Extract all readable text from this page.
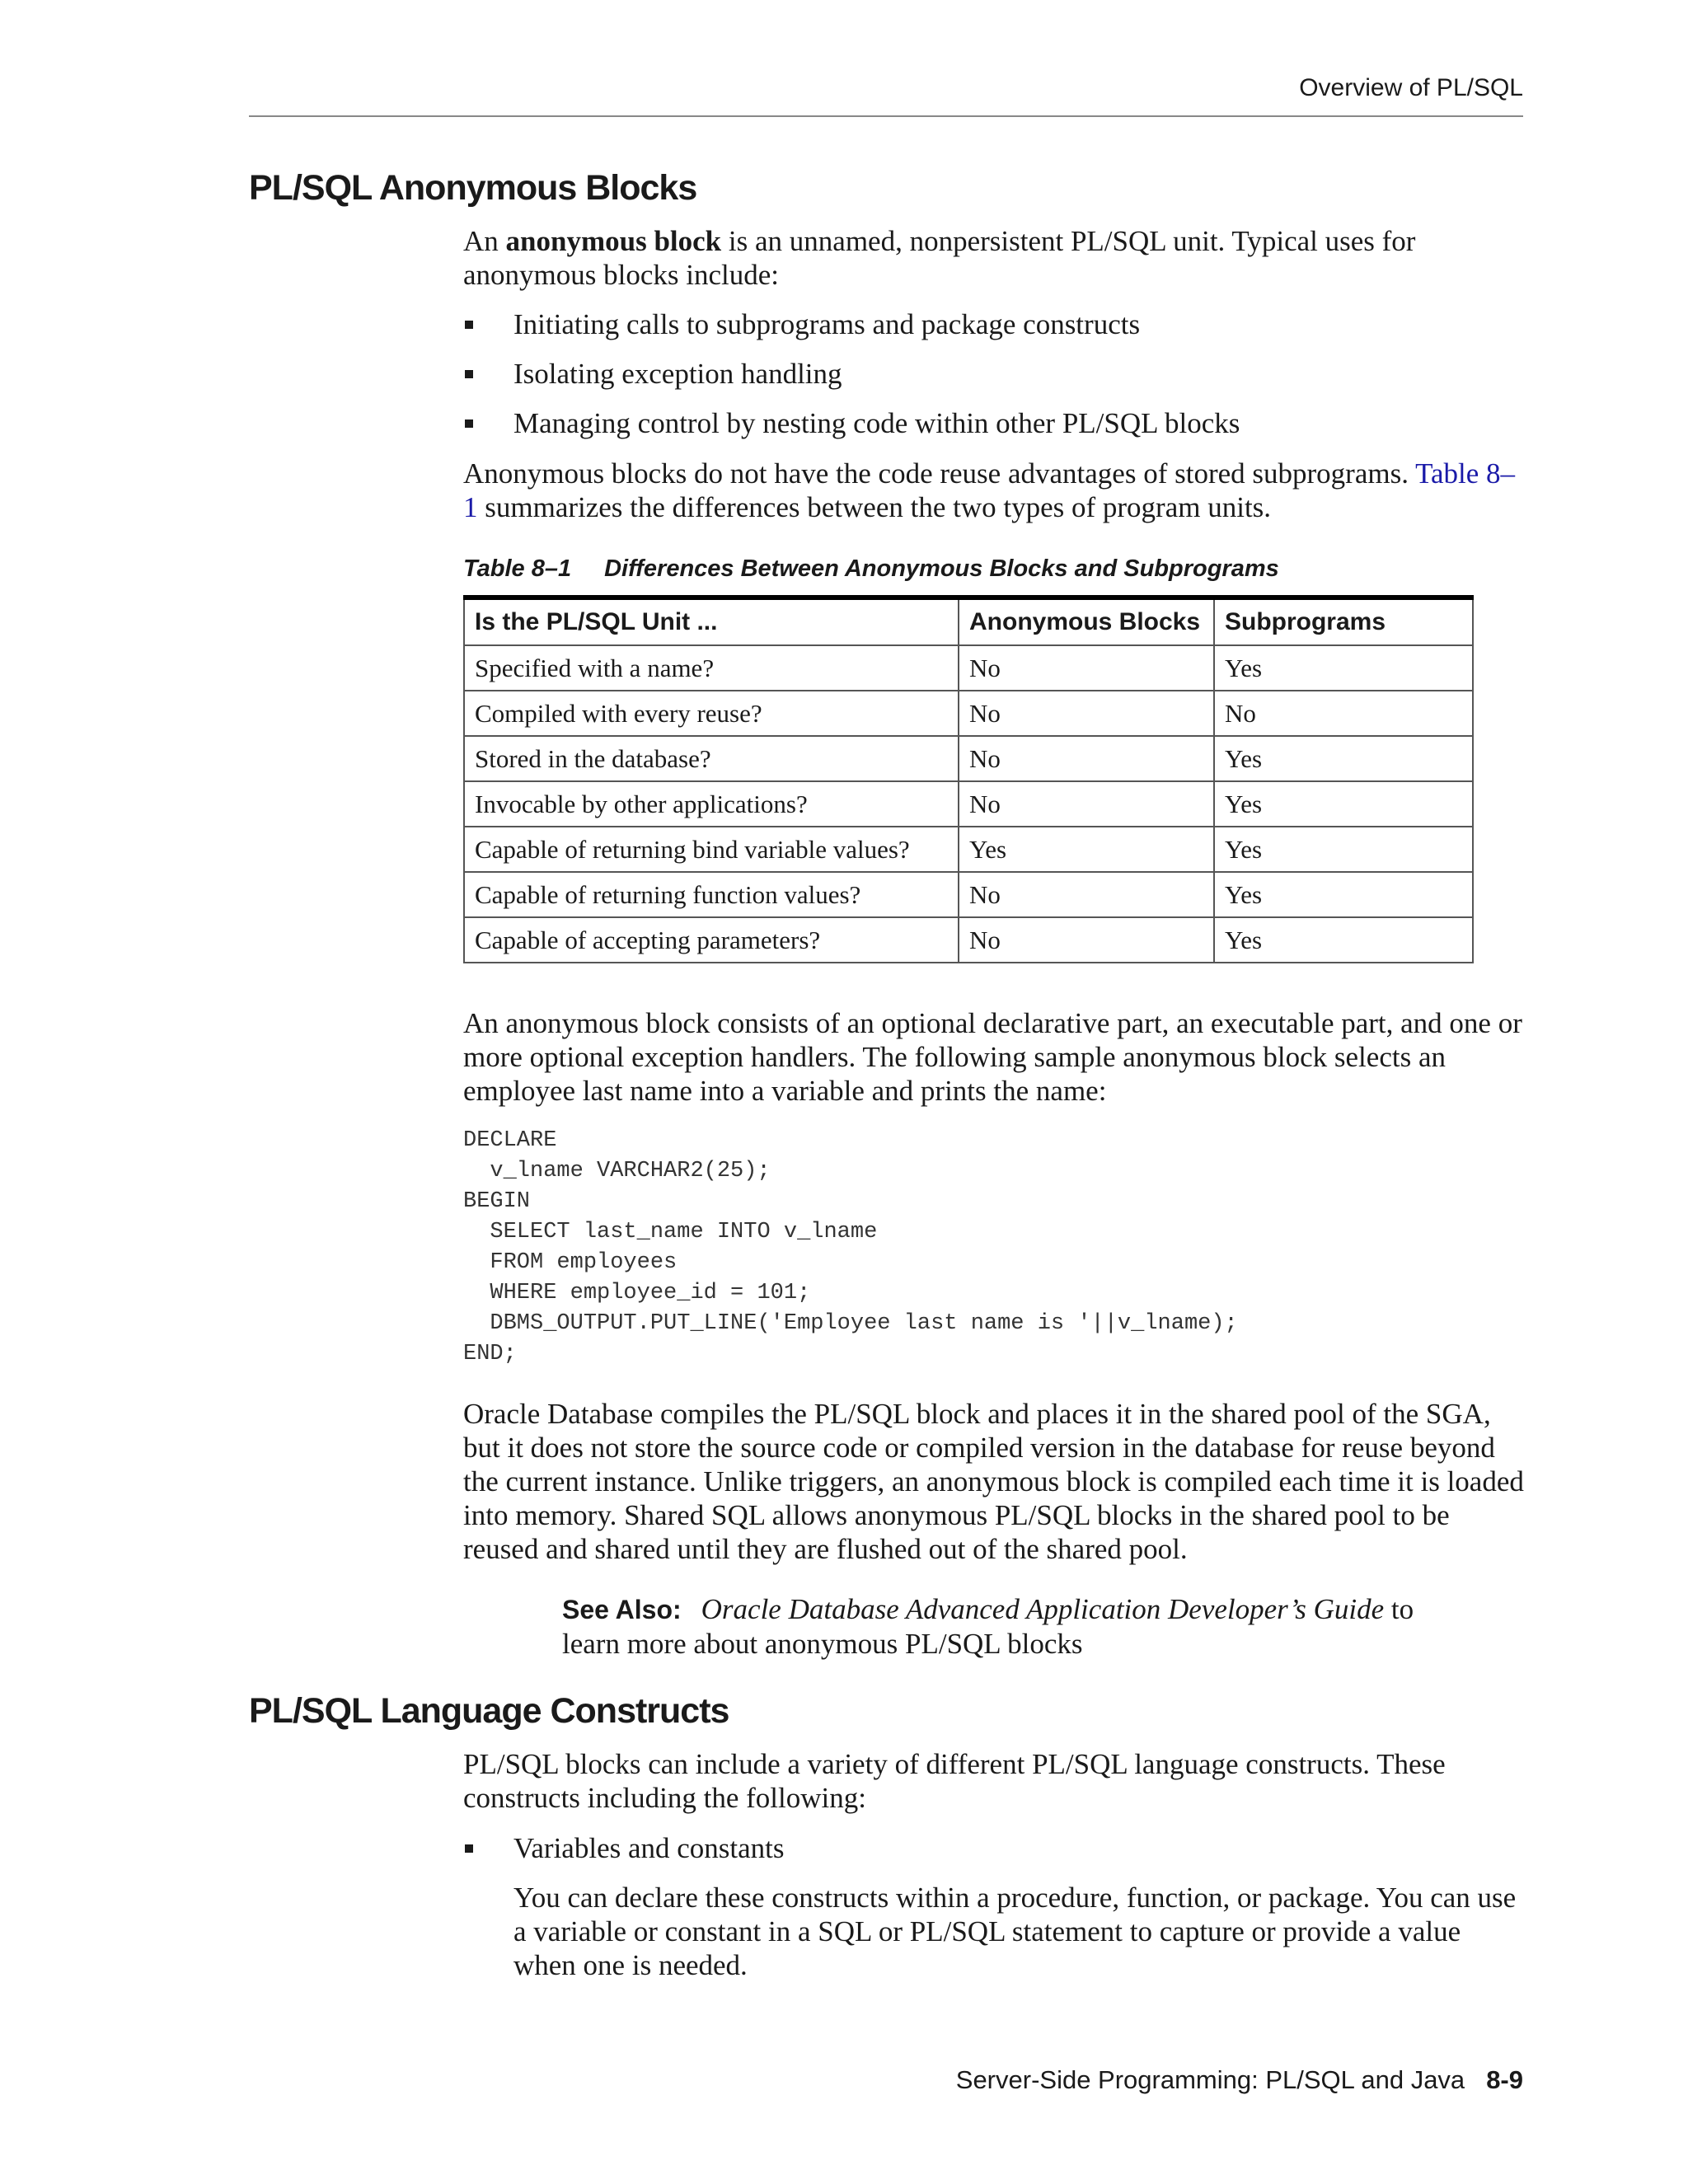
Overview of PL/SQL
PL/SQL Anonymous Blocks

An anonymous block is an unnamed, nonpersistent PL/SQL unit. Typical uses for anonymous blocks include:

Initiating calls to subprograms and package constructs
Isolating exception handling
Managing control by nesting code within other PL/SQL blocks

Anonymous blocks do not have the code reuse advantages of stored subprograms. Table 8–1 summarizes the differences between the two types of program units.

Table 8–1 Differences Between Anonymous Blocks and Subprograms
Is the PL/SQL Unit ...	Anonymous Blocks	Subprograms
Specified with a name?	No	Yes
Compiled with every reuse?	No	No
Stored in the database?	No	Yes
Invocable by other applications?	No	Yes
Capable of returning bind variable values?	Yes	Yes
Capable of returning function values?	No	Yes
Capable of accepting parameters?	No	Yes

An anonymous block consists of an optional declarative part, an executable part, and one or more optional exception handlers. The following sample anonymous block selects an employee last name into a variable and prints the name:

DECLARE
v_lname VARCHAR2(25);
BEGIN
SELECT last_name INTO v_lname
FROM employees
WHERE employee_id = 101;
DBMS_OUTPUT.PUT_LINE('Employee last name is '||v_lname);
END;

Oracle Database compiles the PL/SQL block and places it in the shared pool of the SGA, but it does not store the source code or compiled version in the database for reuse beyond the current instance. Unlike triggers, an anonymous block is compiled each time it is loaded into memory. Shared SQL allows anonymous PL/SQL blocks in the shared pool to be reused and shared until they are flushed out of the shared pool.

See Also: Oracle Database Advanced Application Developer’s Guide to learn more about anonymous PL/SQL blocks

PL/SQL Language Constructs

PL/SQL blocks can include a variety of different PL/SQL language constructs. These constructs including the following:

Variables and constants

You can declare these constructs within a procedure, function, or package. You can use a variable or constant in a SQL or PL/SQL statement to capture or provide a value when one is needed.

Server-Side Programming: PL/SQL and Java 8-9
